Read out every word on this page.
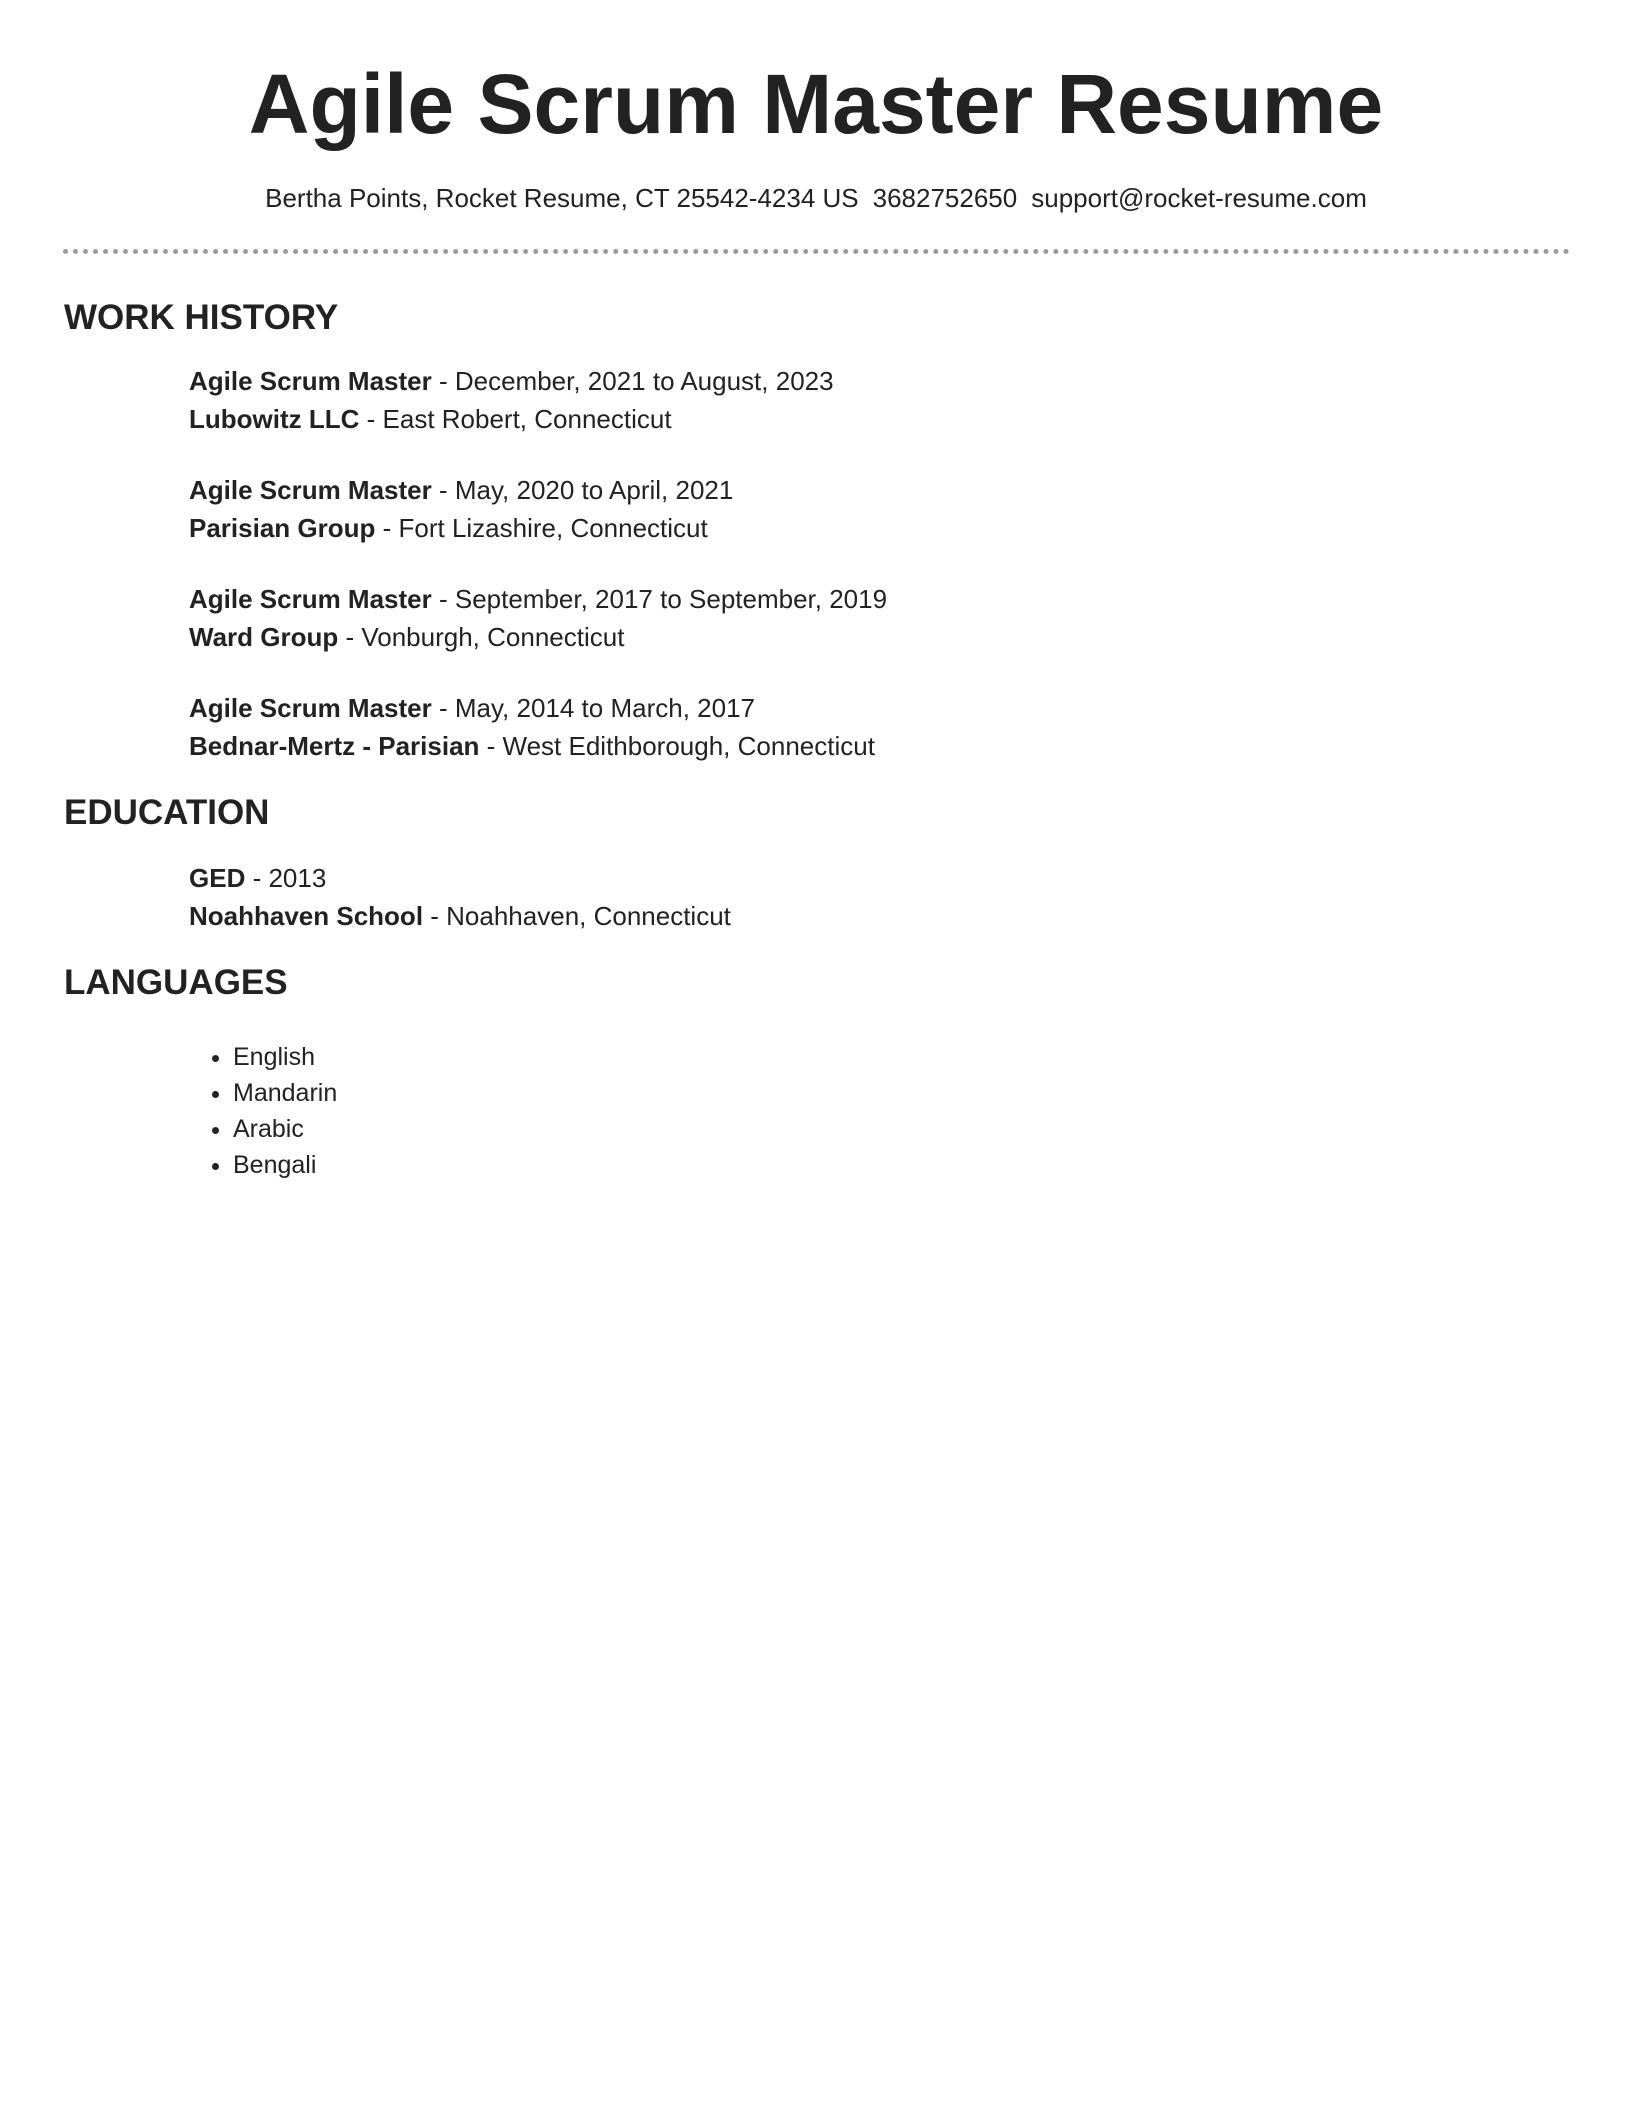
Agile Scrum Master Resume
Bertha Points, Rocket Resume, CT 25542-4234 US 3682752650 support@rocket-resume.com
WORK HISTORY
Agile Scrum Master - December, 2021 to August, 2023
Lubowitz LLC - East Robert, Connecticut
Agile Scrum Master - May, 2020 to April, 2021
Parisian Group - Fort Lizashire, Connecticut
Agile Scrum Master - September, 2017 to September, 2019
Ward Group - Vonburgh, Connecticut
Agile Scrum Master - May, 2014 to March, 2017
Bednar-Mertz - Parisian - West Edithborough, Connecticut
EDUCATION
GED - 2013
Noahhaven School - Noahhaven, Connecticut
LANGUAGES
• English
• Mandarin
• Arabic
• Bengali
